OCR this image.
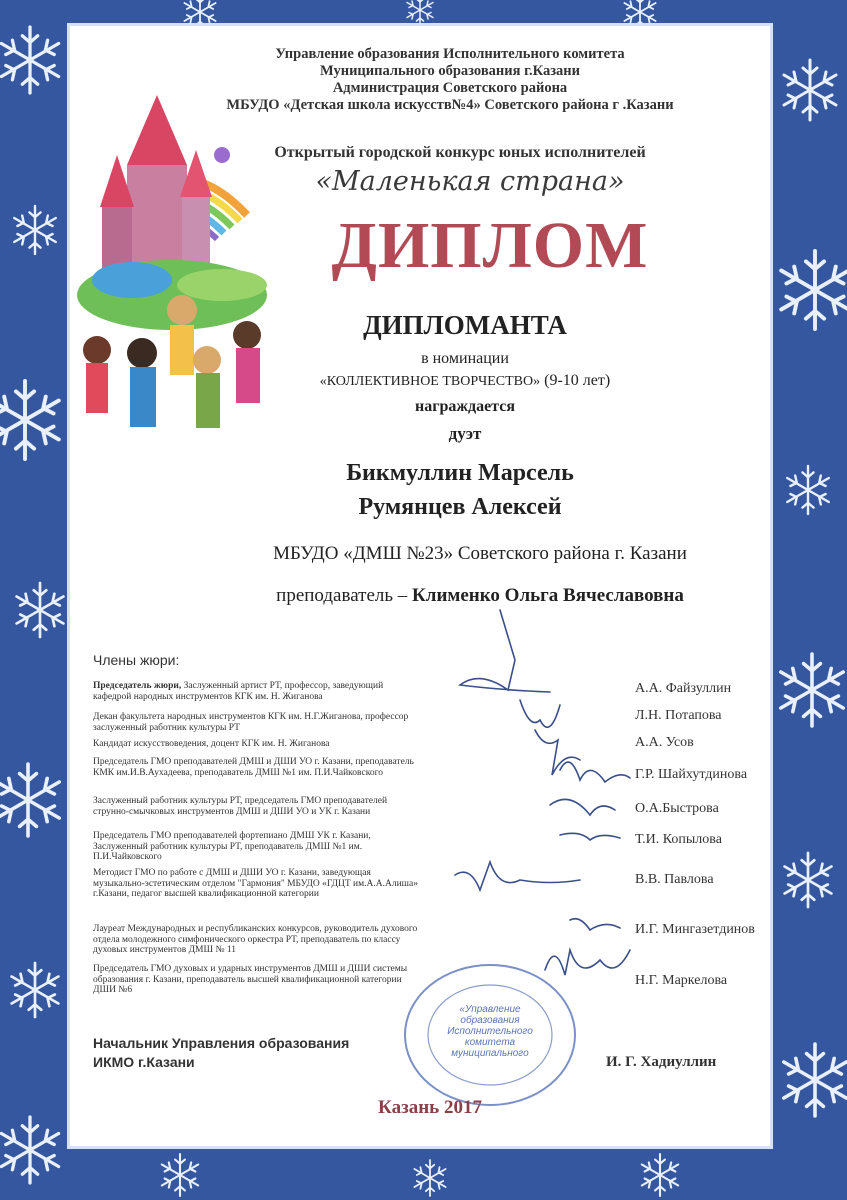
Управление образования Исполнительного комитета
Муниципального образования г.Казани
Администрация Советского района
МБУДО «Детская школа искусств№4» Советского района г .Казани
Открытый городской конкурс юных исполнителей
«Маленькая страна»
ДИПЛОМ
ДИПЛОМАНТА
в номинации
«КОЛЛЕКТИВНОЕ ТВОРЧЕСТВО» (9-10 лет)
награждается
дуэт
Бикмуллин Марсель
Румянцев Алексей
МБУДО «ДМШ №23» Советского района г. Казани
преподаватель – Клименко Ольга Вячеславовна
Члены жюри:
Председатель жюри, Заслуженный артист РТ, профессор, заведующий кафедрой народных инструментов КГК им. Н. Жиганова
Декан факультета народных инструментов КГК им. Н.Г.Жиганова, профессор заслуженный работник культуры РТ
Кандидат искусствоведения, доцент КГК им. Н. Жиганова
Председатель ГМО преподавателей ДМШ и ДШИ УО г. Казани, преподаватель КМК им.И.В.Аухадеева, преподаватель ДМШ №1 им. П.И.Чайковского
Заслуженный работник культуры РТ, председатель ГМО преподавателей струнно-смычковых инструментов ДМШ и ДШИ УО и УК г. Казани
Председатель ГМО преподавателей фортепиано ДМШ УК г. Казани, Заслуженный работник культуры РТ, преподаватель ДМШ №1 им. П.И.Чайковского
Методист ГМО по работе с ДМШ и ДШИ УО г. Казани, заведующая музыкально-эстетическим отделом "Гармония" МБУДО «ГДЦТ им.А.А.Алиша» г.Казани, педагог высшей квалификационной категории
Лауреат Международных и республиканских конкурсов, руководитель духового отдела молодежного симфонического оркестра РТ, преподаватель по классу духовых инструментов ДМШ № 11
Председатель ГМО духовых и ударных инструментов ДМШ и ДШИ системы образования г. Казани, преподаватель высшей квалификационной категории ДШИ №6
А.А. Файзуллин
Л.Н. Потапова
А.А. Усов
Г.Р. Шайхутдинова
О.А.Быстрова
Т.И. Копылова
В.В. Павлова
И.Г. Мингазетдинов
Н.Г. Маркелова
«Управление
образования
Исполнительного
комитета
муниципального
Начальник Управления образования
ИКМО г.Казани	И. Г. Хадиуллин
Казань 2017
